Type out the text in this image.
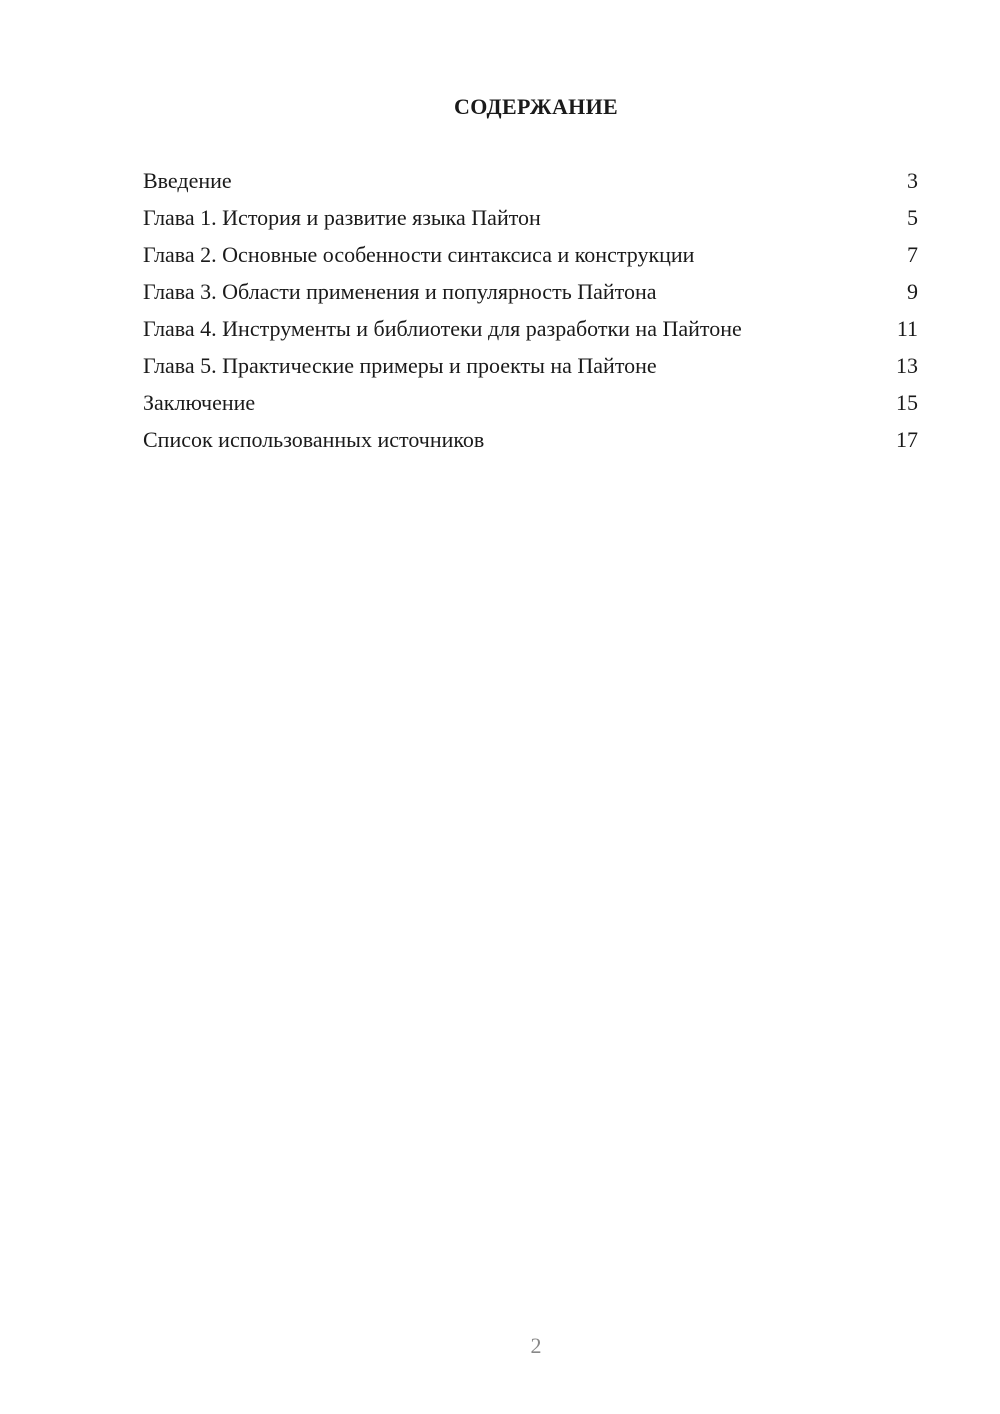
СОДЕРЖАНИЕ
Введение	3
Глава 1. История и развитие языка Пайтон	5
Глава 2. Основные особенности синтаксиса и конструкции	7
Глава 3. Области применения и популярность Пайтона	9
Глава 4. Инструменты и библиотеки для разработки на Пайтоне	11
Глава 5. Практические примеры и проекты на Пайтоне	13
Заключение	15
Список использованных источников	17
2
